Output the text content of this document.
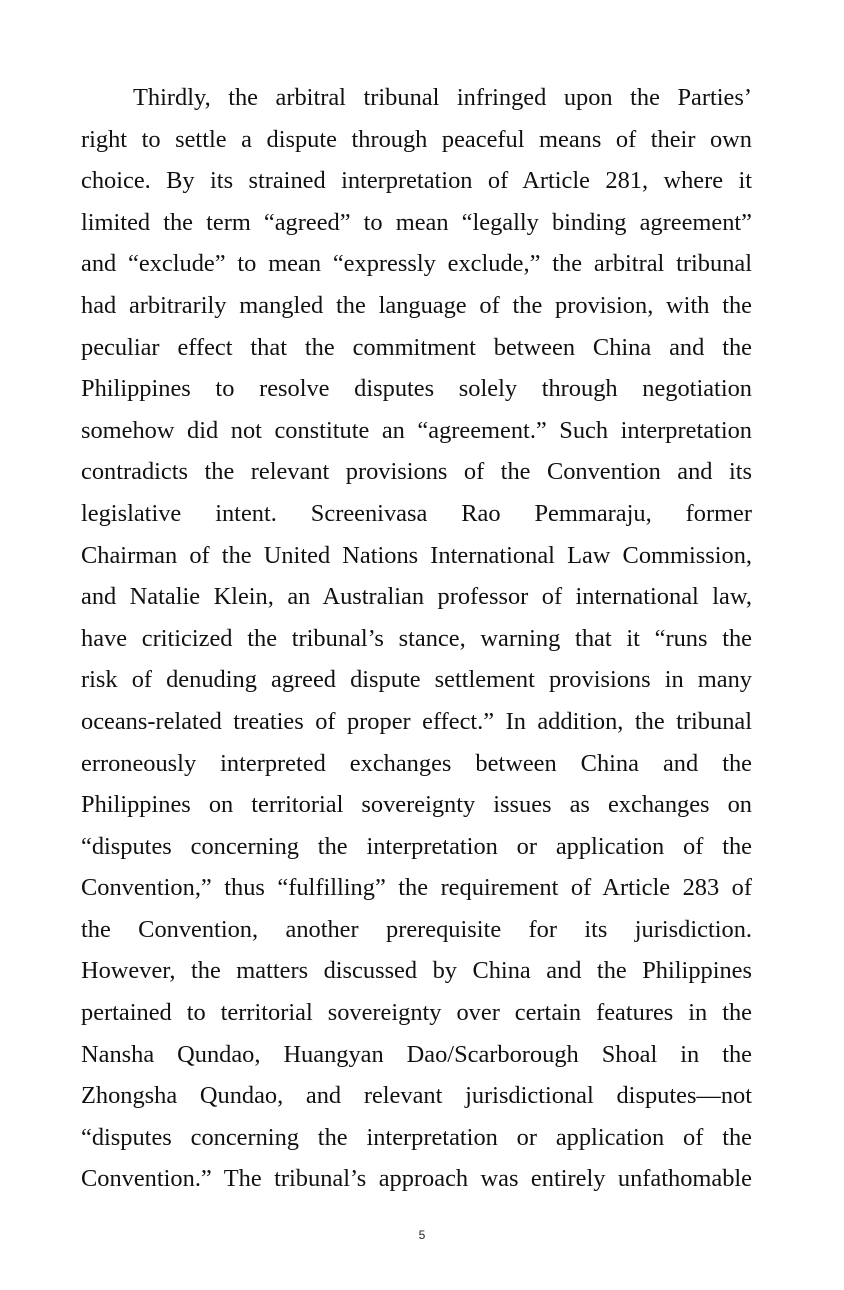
Thirdly, the arbitral tribunal infringed upon the Parties’
right to settle a dispute through peaceful means of their own
choice. By its strained interpretation of Article 281, where it
limited the term “agreed” to mean “legally binding agreement”
and “exclude” to mean “expressly exclude,” the arbitral tribunal
had arbitrarily mangled the language of the provision, with the
peculiar effect that the commitment between China and the
Philippines to resolve disputes solely through negotiation
somehow did not constitute an “agreement.” Such interpretation
contradicts the relevant provisions of the Convention and its
legislative intent. Screenivasa Rao Pemmaraju, former
Chairman of the United Nations International Law Commission,
and Natalie Klein, an Australian professor of international law,
have criticized the tribunal’s stance, warning that it “runs the
risk of denuding agreed dispute settlement provisions in many
oceans-related treaties of proper effect.” In addition, the tribunal
erroneously interpreted exchanges between China and the
Philippines on territorial sovereignty issues as exchanges on
“disputes concerning the interpretation or application of the
Convention,” thus “fulfilling” the requirement of Article 283 of
the Convention, another prerequisite for its jurisdiction.
However, the matters discussed by China and the Philippines
pertained to territorial sovereignty over certain features in the
Nansha Qundao, Huangyan Dao/Scarborough Shoal in the
Zhongsha Qundao, and relevant jurisdictional disputes—not
“disputes concerning the interpretation or application of the
Convention.” The tribunal’s approach was entirely unfathomable
5
